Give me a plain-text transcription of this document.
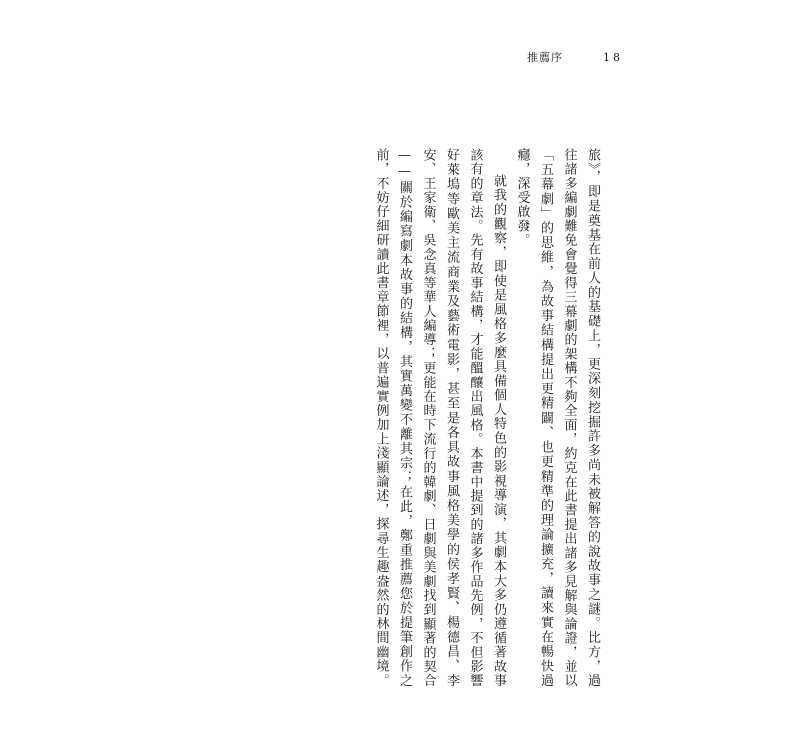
推薦序	18

旅》，即是奠基在前人的基礎上，更深刻挖掘許多尚未被解答的說故事之謎。比方，過往諸多編劇難免會覺得三幕劇的架構不夠全面，約克在此書提出諸多見解與論證，並以「五幕劇」的思維，為故事結構提出更精闢、也更精準的理論擴充，讀來實在暢快過癮，深受啟發。

就我的觀察，即使是風格多麼具備個人特色的影視導演，其劇本大多仍遵循著故事該有的章法。先有故事結構，才能醞釀出風格。本書中提到的諸多作品先例，不但影響好萊塢等歐美主流商業及藝術電影，甚至是各具故事風格美學的侯孝賢、楊德昌、李安、王家衛、吳念真等華人編導；更能在時下流行的韓劇、日劇與美劇找到顯著的契合——關於編寫劇本故事的結構，其實萬變不離其宗；在此，鄭重推薦您於提筆創作之前，不妨仔細研讀此書章節裡，以普遍實例加上淺顯論述，探尋生趣盎然的林間幽境。
